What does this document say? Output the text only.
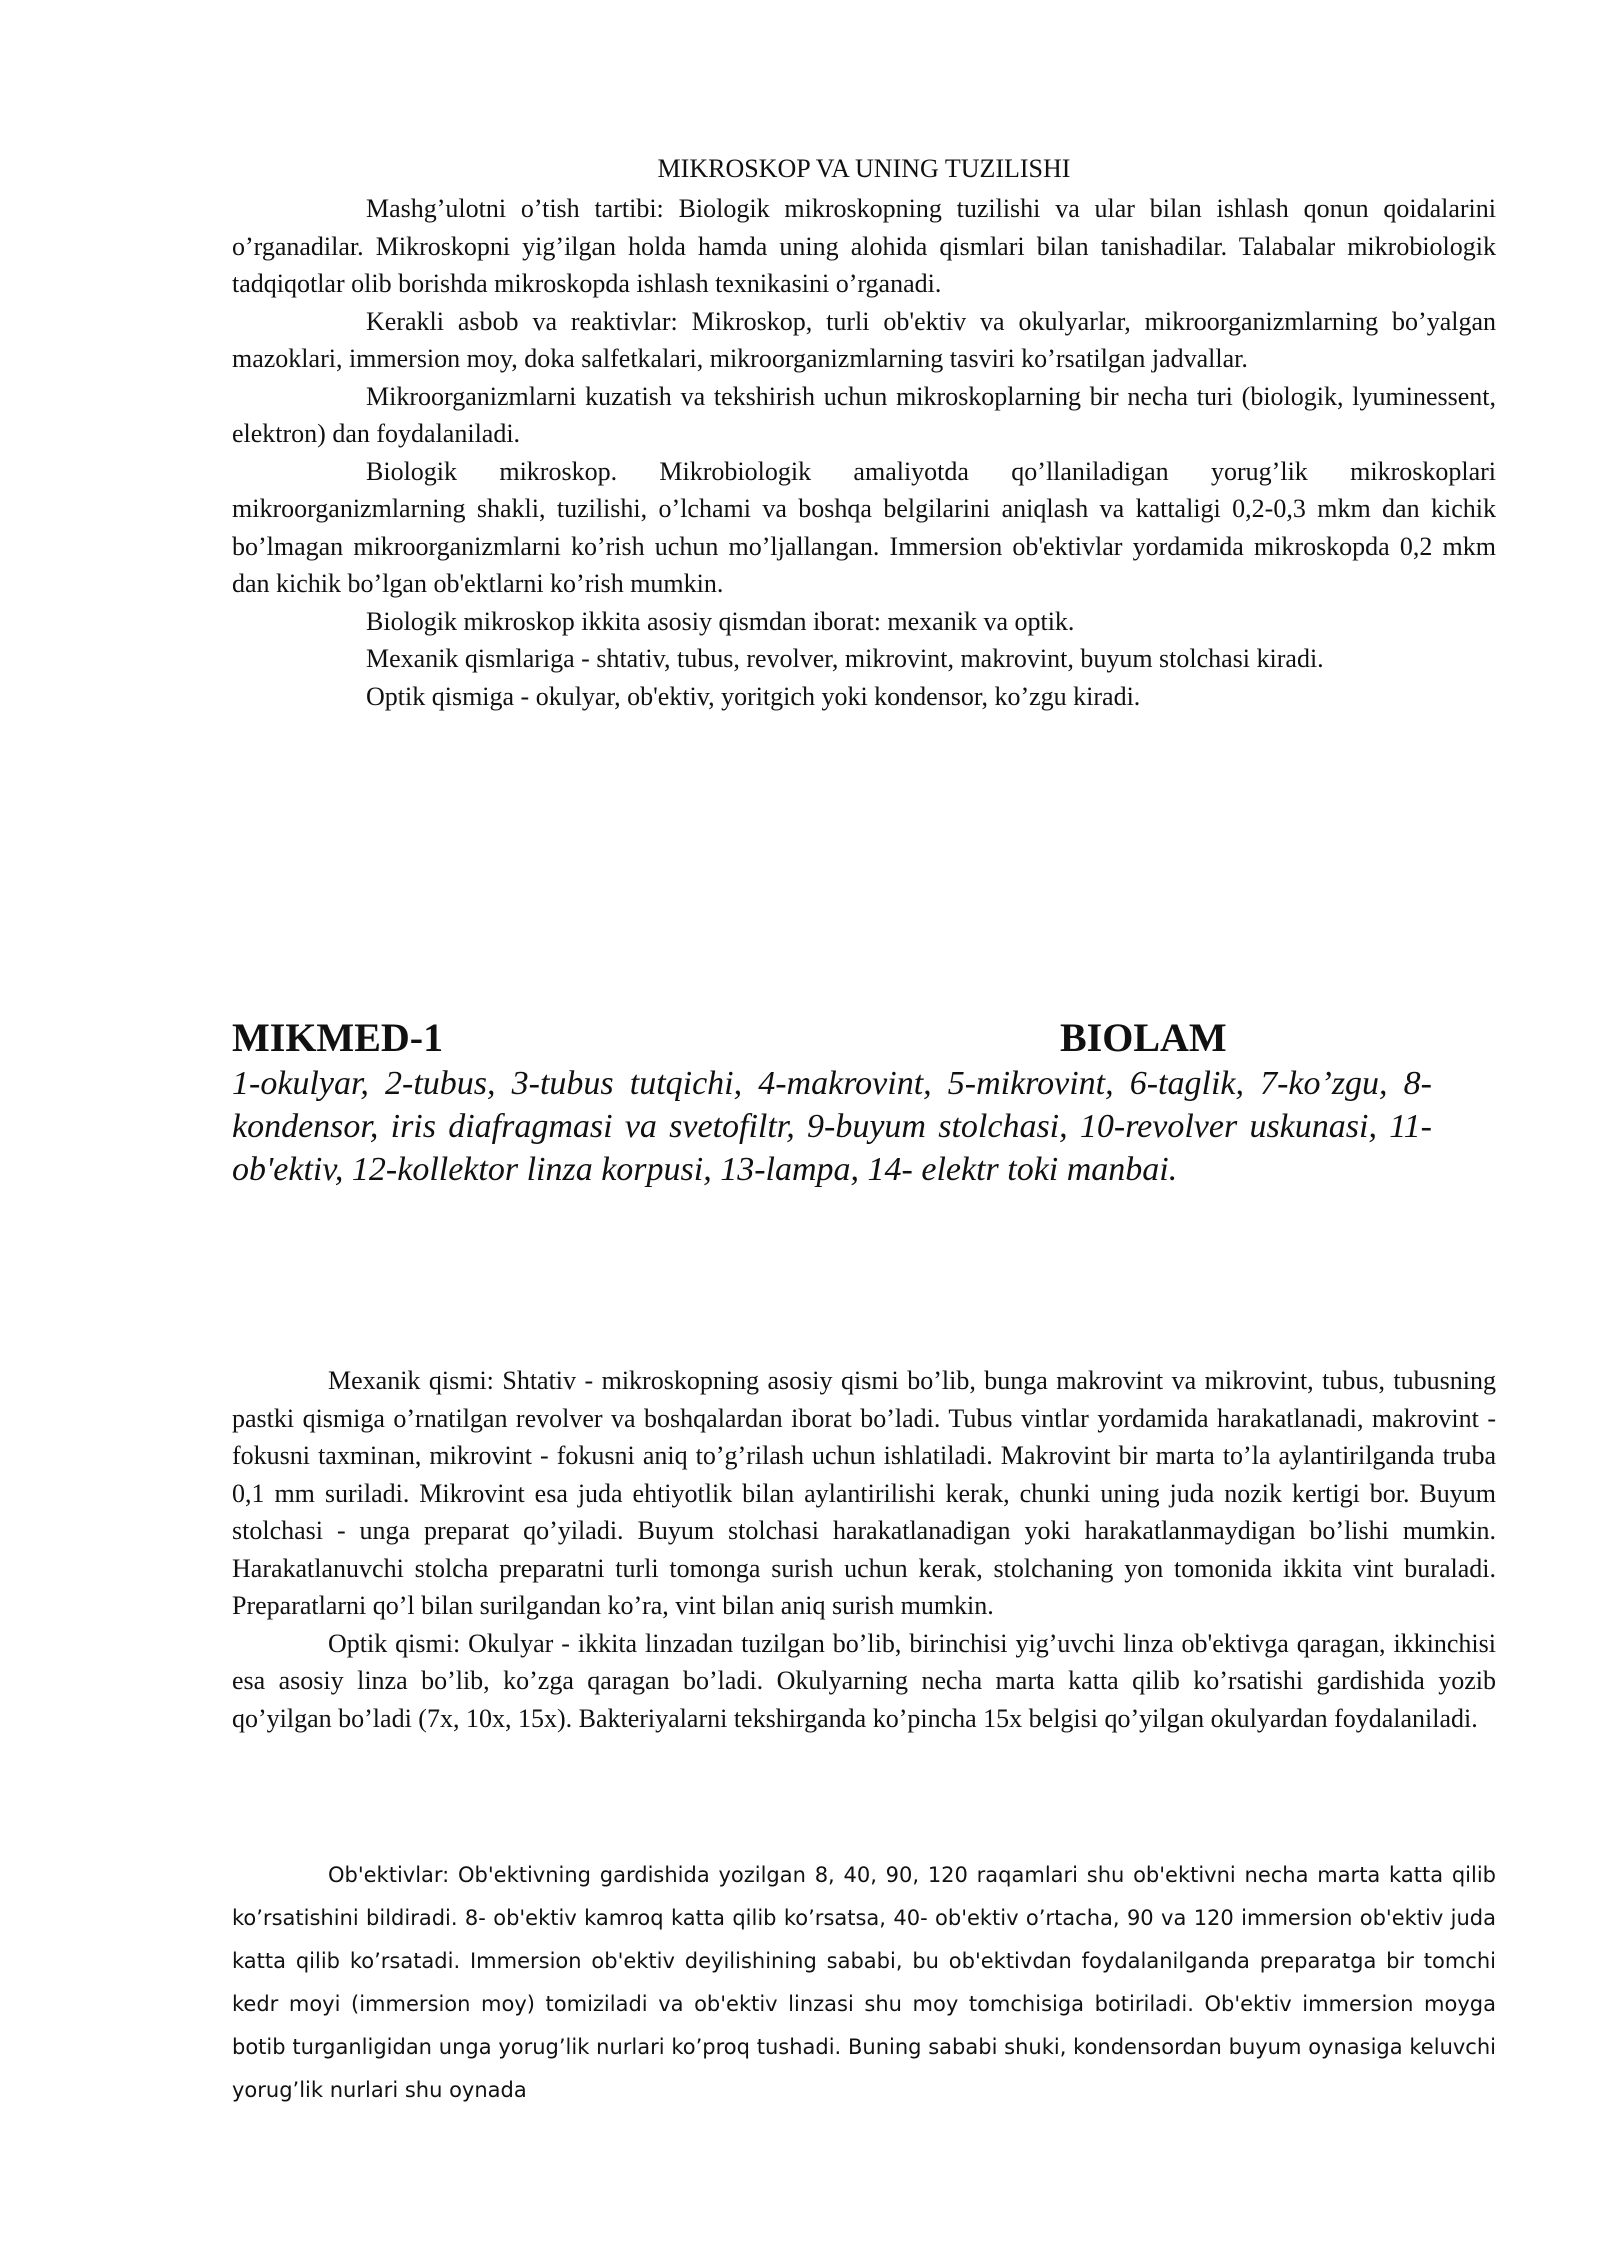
MIKROSKOP VA UNING TUZILISHI

Mashg’ulotni o’tish tartibi: Biologik mikroskopning tuzilishi va ular bilan ishlash qonun qoidalarini o’rganadilar. Mikroskopni yig’ilgan holda hamda uning alohida qismlari bilan tanishadilar. Talabalar mikrobiologik tadqiqotlar olib borishda mikroskopda ishlash texnikasini o’rganadi.

Kerakli asbob va reaktivlar: Mikroskop, turli ob'ektiv va okulyarlar, mikroorganizmlarning bo’yalgan mazoklari, immersion moy, doka salfetkalari, mikroorganizmlarning tasviri ko’rsatilgan jadvallar.

Mikroorganizmlarni kuzatish va tekshirish uchun mikroskoplarning bir necha turi (biologik, lyuminessent, elektron) dan foydalaniladi.

Biologik mikroskop. Mikrobiologik amaliyotda qo’llaniladigan yorug’lik mikroskoplari mikroorganizmlarning shakli, tuzilishi, o’lchami va boshqa belgilarini aniqlash va kattaligi 0,2-0,3 mkm dan kichik bo’lmagan mikroorganizmlarni ko’rish uchun mo’ljallangan. Immersion ob'ektivlar yordamida mikroskopda 0,2 mkm dan kichik bo’lgan ob'ektlarni ko’rish mumkin.

Biologik mikroskop ikkita asosiy qismdan iborat: mexanik va optik.

Mexanik qismlariga - shtativ, tubus, revolver, mikrovint, makrovint, buyum stolchasi kiradi.

Optik qismiga - okulyar, ob'ektiv, yoritgich yoki kondensor, ko’zgu kiradi.

MIKMED-1	BIOLAM
1-okulyar, 2-tubus, 3-tubus tutqichi, 4-makrovint, 5-mikrovint, 6-taglik, 7-ko’zgu, 8-kondensor, iris diafragmasi va svetofiltr, 9-buyum stolchasi, 10-revolver uskunasi, 11-ob'ektiv, 12-kollektor linza korpusi, 13-lampa, 14- elektr toki manbai.

Mexanik qismi: Shtativ - mikroskopning asosiy qismi bo’lib, bunga makrovint va mikrovint, tubus, tubusning pastki qismiga o’rnatilgan revolver va boshqalardan iborat bo’ladi. Tubus vintlar yordamida harakatlanadi, makrovint - fokusni taxminan, mikrovint - fokusni aniq to’g’rilash uchun ishlatiladi. Makrovint bir marta to’la aylantirilganda truba 0,1 mm suriladi. Mikrovint esa juda ehtiyotlik bilan aylantirilishi kerak, chunki uning juda nozik kertigi bor. Buyum stolchasi - unga preparat qo’yiladi. Buyum stolchasi harakatlanadigan yoki harakatlanmaydigan bo’lishi mumkin. Harakatlanuvchi stolcha preparatni turli tomonga surish uchun kerak, stolchaning yon tomonida ikkita vint buraladi. Preparatlarni qo’l bilan surilgandan ko’ra, vint bilan aniq surish mumkin.

Optik qismi: Okulyar - ikkita linzadan tuzilgan bo’lib, birinchisi yig’uvchi linza ob'ektivga qaragan, ikkinchisi esa asosiy linza bo’lib, ko’zga qaragan bo’ladi. Okulyarning necha marta katta qilib ko’rsatishi gardishida yozib qo’yilgan bo’ladi (7x, 10x, 15x). Bakteriyalarni tekshirganda ko’pincha 15x belgisi qo’yilgan okulyardan foydalaniladi.

Ob'ektivlar: Ob'ektivning gardishida yozilgan 8, 40, 90, 120 raqamlari shu ob'ektivni necha marta katta qilib ko’rsatishini bildiradi. 8- ob'ektiv kamroq katta qilib ko’rsatsa, 40- ob'ektiv o’rtacha, 90 va 120 immersion ob'ektiv juda katta qilib ko’rsatadi. Immersion ob'ektiv deyilishining sababi, bu ob'ektivdan foydalanilganda preparatga bir tomchi kedr moyi (immersion moy) tomiziladi va ob'ektiv linzasi shu moy tomchisiga botiriladi. Ob'ektiv immersion moyga botib turganligidan unga yorug’lik nurlari ko’proq tushadi. Buning sababi shuki, kondensordan buyum oynasiga keluvchi yorug’lik nurlari shu oynada
